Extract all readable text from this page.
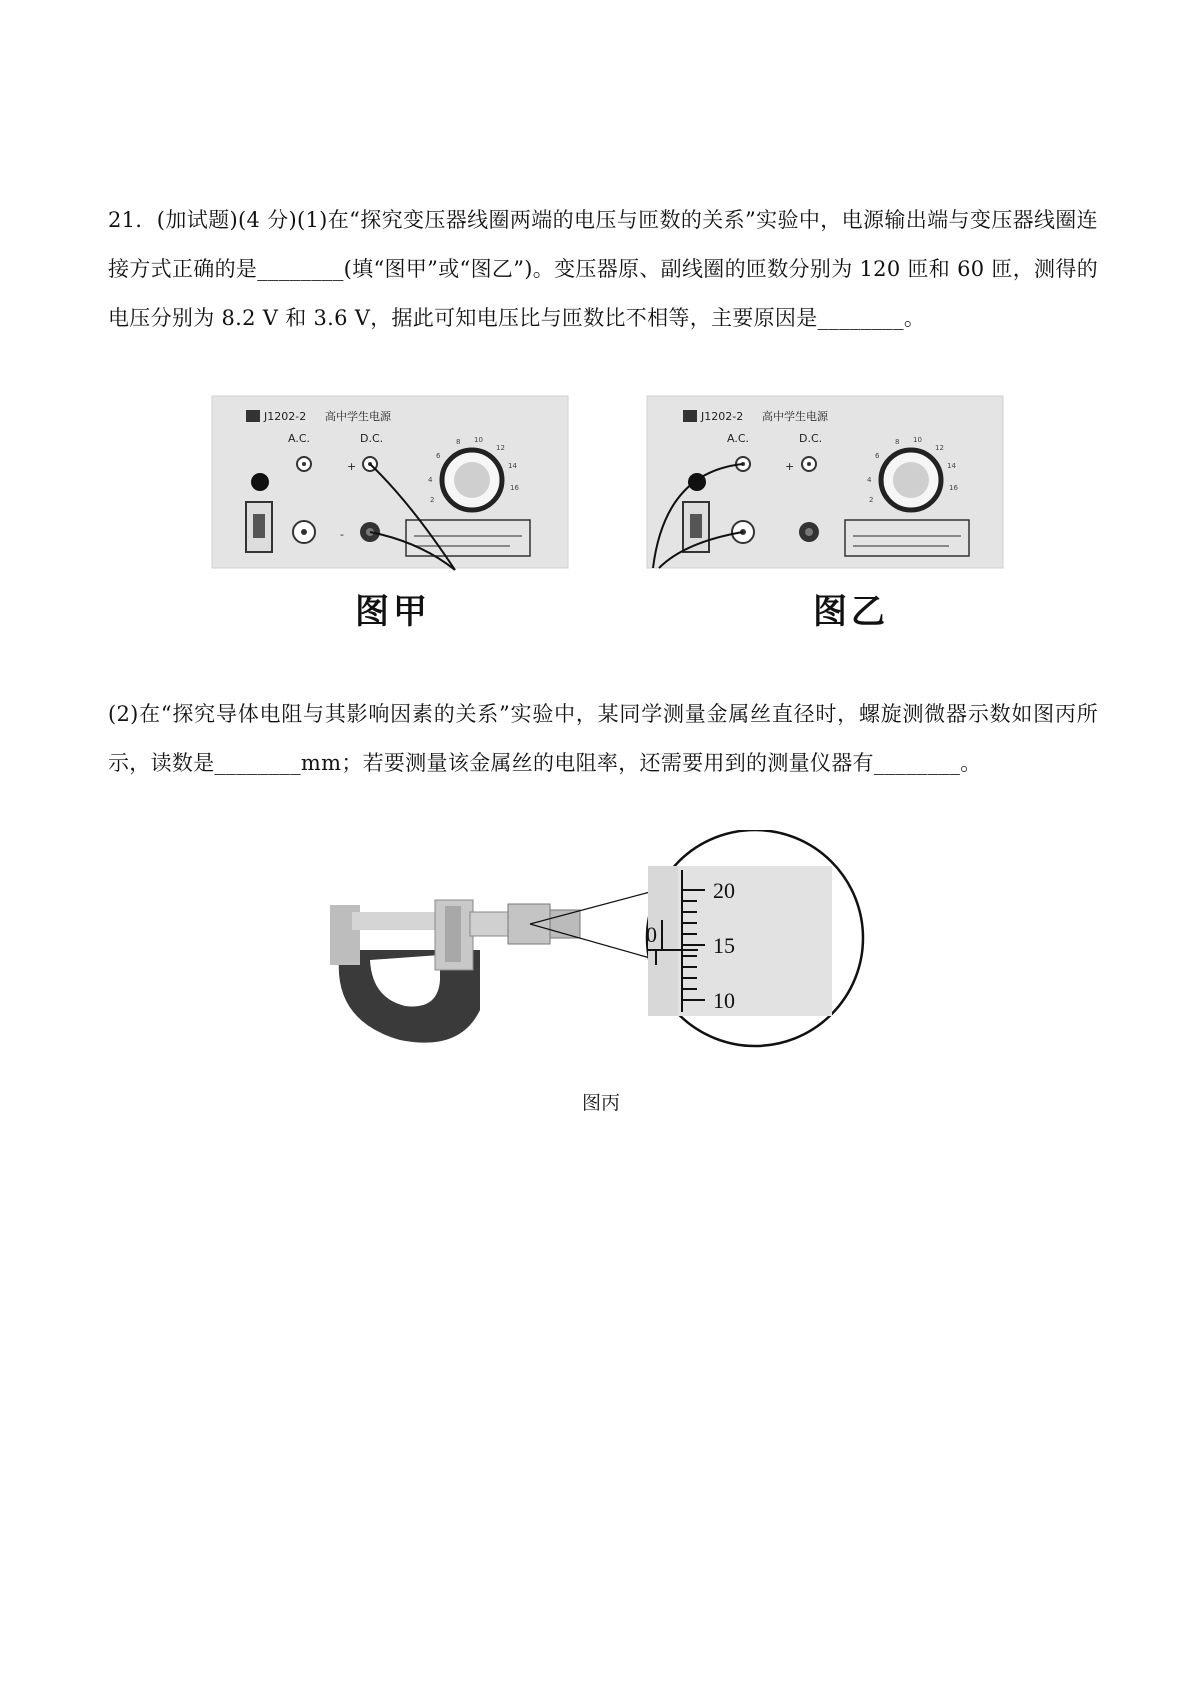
21．(加试题)(4 分)(1)在“探究变压器线圈两端的电压与匝数的关系”实验中，电源输出端与变压器线圈连接方式正确的是________(填“图甲”或“图乙”)。变压器原、副线圈的匝数分别为 120 匝和 60 匝，测得的电压分别为 8.2 V 和 3.6 V，据此可知电压比与匝数比不相等，主要原因是________。

J1202-2 高中学生电源
A.C.	D.C.
+
-
2
4
6
8 10
12
14
16
图甲
J1202-2 高中学生电源
A.C.	D.C.
+
2
4
6
8 10
12
14
16
图乙

(2)在“探究导体电阻与其影响因素的关系”实验中，某同学测量金属丝直径时，螺旋测微器示数如图丙所示，读数是________mm；若要测量该金属丝的电阻率，还需要用到的测量仪器有________。

0
20
15
10
图丙
